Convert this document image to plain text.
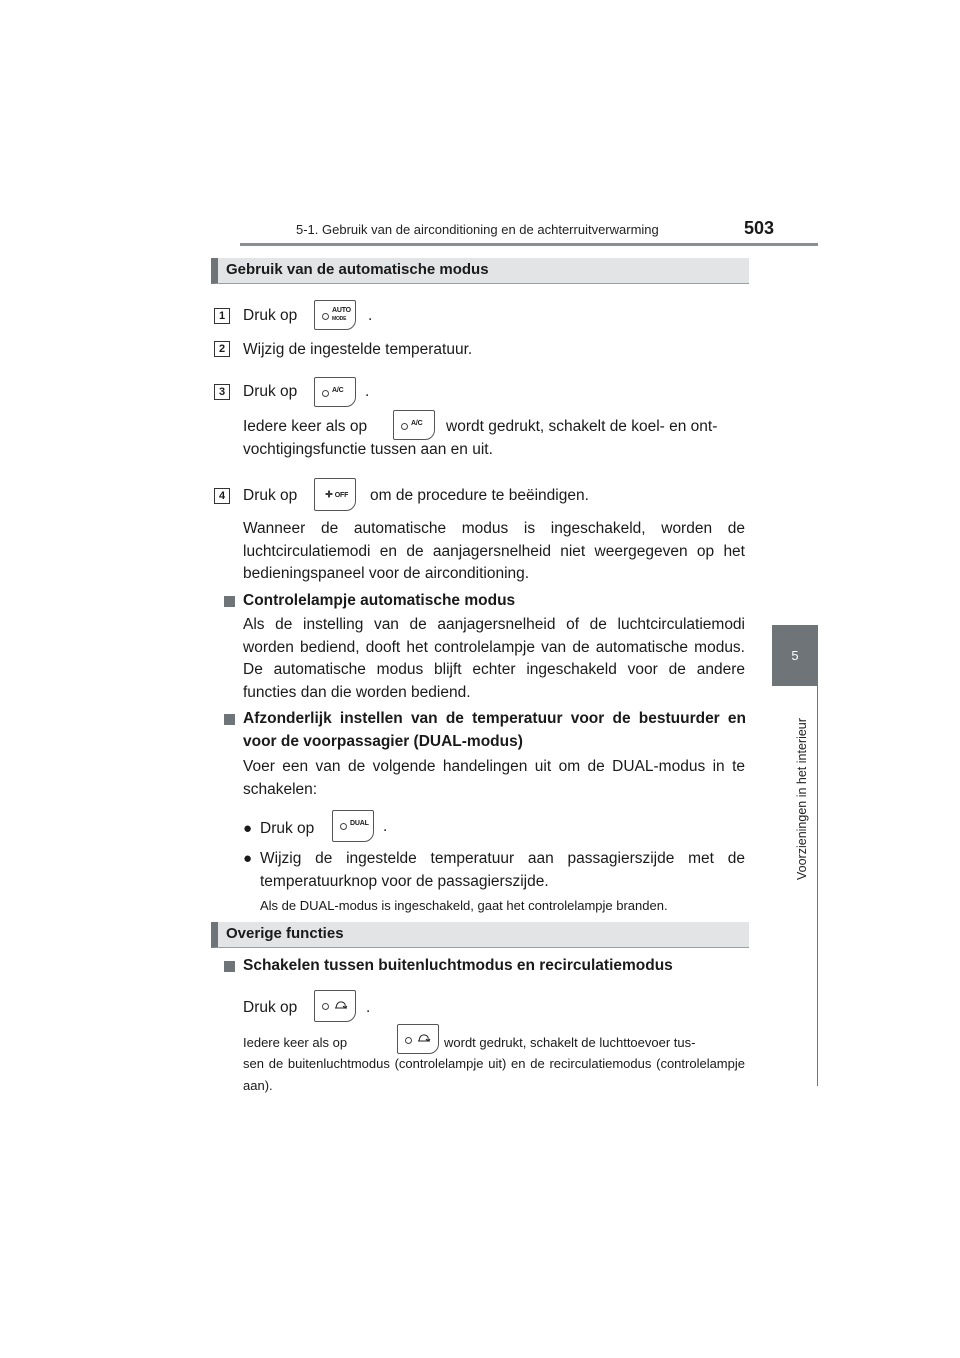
5-1. Gebruik van de airconditioning en de achterruitverwarming	503
5
Voorzieningen in het interieur
Gebruik van de automatische modus
1	Druk op	AUTO
MODE .
2	Wijzig de ingestelde temperatuur.
3	Druk op	A/C .
Iedere keer als op	A/C wordt gedrukt, schakelt de koel- en ont-
vochtigingsfunctie tussen aan en uit.
4	Druk op	OFF om de procedure te beëindigen.
Wanneer de automatische modus is ingeschakeld, worden de luchtcirculatiemodi en de aanjagersnelheid niet weergegeven op het bedieningspaneel voor de airconditioning.
Controlelampje automatische modus
Als de instelling van de aanjagersnelheid of de luchtcirculatiemodi worden bediend, dooft het controlelampje van de automatische modus. De automatische modus blijft echter ingeschakeld voor de andere functies dan die worden bediend.
Afzonderlijk instellen van de temperatuur voor de bestuurder en voor de voorpassagier (DUAL-modus)
Voer een van de volgende handelingen uit om de DUAL-modus in te schakelen:
● Druk op	DUAL .
● Wijzig de ingestelde temperatuur aan passagierszijde met de temperatuurknop voor de passagierszijde.
Als de DUAL-modus is ingeschakeld, gaat het controlelampje branden.
Overige functies
Schakelen tussen buitenluchtmodus en recirculatiemodus
Druk op	.
Iedere keer als op	wordt gedrukt, schakelt de luchttoevoer tus-
sen de buitenluchtmodus (controlelampje uit) en de recirculatiemodus (controlelampje aan).
